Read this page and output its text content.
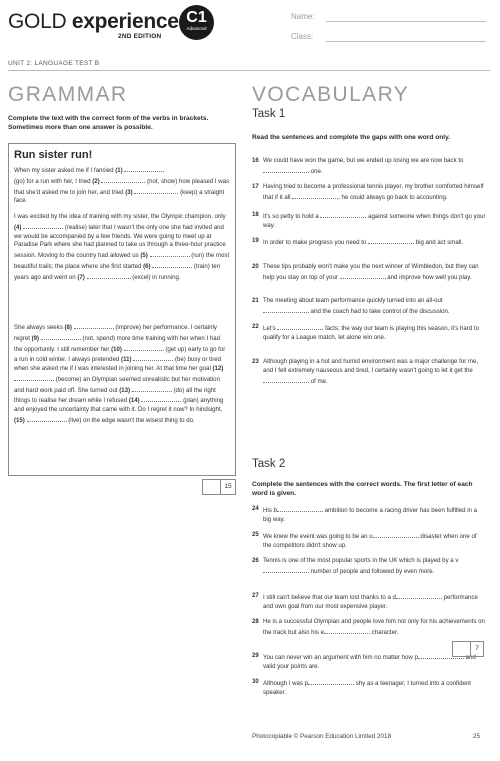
GOLD experience
2ND EDITION
C1
Advanced
Name:
Class:
UNIT 2: LANGUAGE TEST B
GRAMMAR
Complete the text with the correct form of the verbs in brackets. Sometimes more than one answer is possible.
Run sister run!
When my sister asked me if I fancied (1)
(go) for a run with her, I tried (2)	(not, show) how pleased I was that she'd asked me to join her, and tried (3)	(keep) a straight face.
I was excited by the idea of training with my sister, the Olympic champion, only (4)	(realise) later that I wasn't the only one she had invited and we would be accompanied by a few friends. We were going to meet up at Paradise Park where she had planned to take us through a three-hour practice session. Moving to the country had allowed us (5)	(run) the most beautiful trails; the place where she first started (6)	(train) ten years ago and went on (7)	(excel) in running.
She always seeks (8)	(improve) her performance. I certainly regret (9)	(not, spend) more time training with her when I had the opportunity. I still remember her (10)	(get up) early to go for a run in cold winter. I always pretended (11)	(be) busy or tired when she asked me if I was interested in joining her. At that time her goal (12)  (become) an Olympian seemed unrealistic but her motivation and hard work paid off. She turned out (13)	(do) all the right things to realise her dream while I refused (14)	(plan) anything and enjoyed the uncertainty that came with it. Do I regret it now? In hindsight, (15)	(live) on the edge wasn't the wisest thing to do.
15
VOCABULARY
Task 1
Read the sentences and complete the gaps with one word only.
16 We could have won the game, but we ended up losing we are now back to  one.
17 Having tried to become a professional tennis player, my brother comforted himself that if it all	, he could always go back to accounting.
18 It's so petty to hold a	against someone when things don't go your way.
19 In order to make progress you need to	big and act small.
20 These tips probably won't make you the next winner of Wimbledon, but they can help you stay on top of your	and improve how well you play.
21 The meeting about team performance quickly turned into an all-out  and the coach had to take control of the discussion.
22 Let's	facts; the way our team is playing this season, it's hard to qualify for a League match, let alone win one.
23 Although playing in a hot and humid environment was a major challenge for me, and I felt extremely nauseous and tired, I certainly wasn't going to let it get the  of me.
Task 2
Complete the sentences with the correct words. The first letter of each word is given.
24 His b	ambition to become a racing driver has been fulfilled in a big way.
25 We knew the event was going to be an u	disaster when one of the competitors didn't show up.
26 Tennis is one of the most popular sports in the UK which is played by a v number of people and followed by even more.
27 I still can't believe that our team lost thanks to a d	performance and own goal from our most expensive player.
28 He is a successful Olympian and people love him not only for his achievements on the track but also his e	character.
29 You can never win an argument with him no matter how p	and valid your points are.
30 Although I was p	shy as a teenager, I turned into a confident speaker.
7
Photocopiable © Pearson Education Limited 2018	25
